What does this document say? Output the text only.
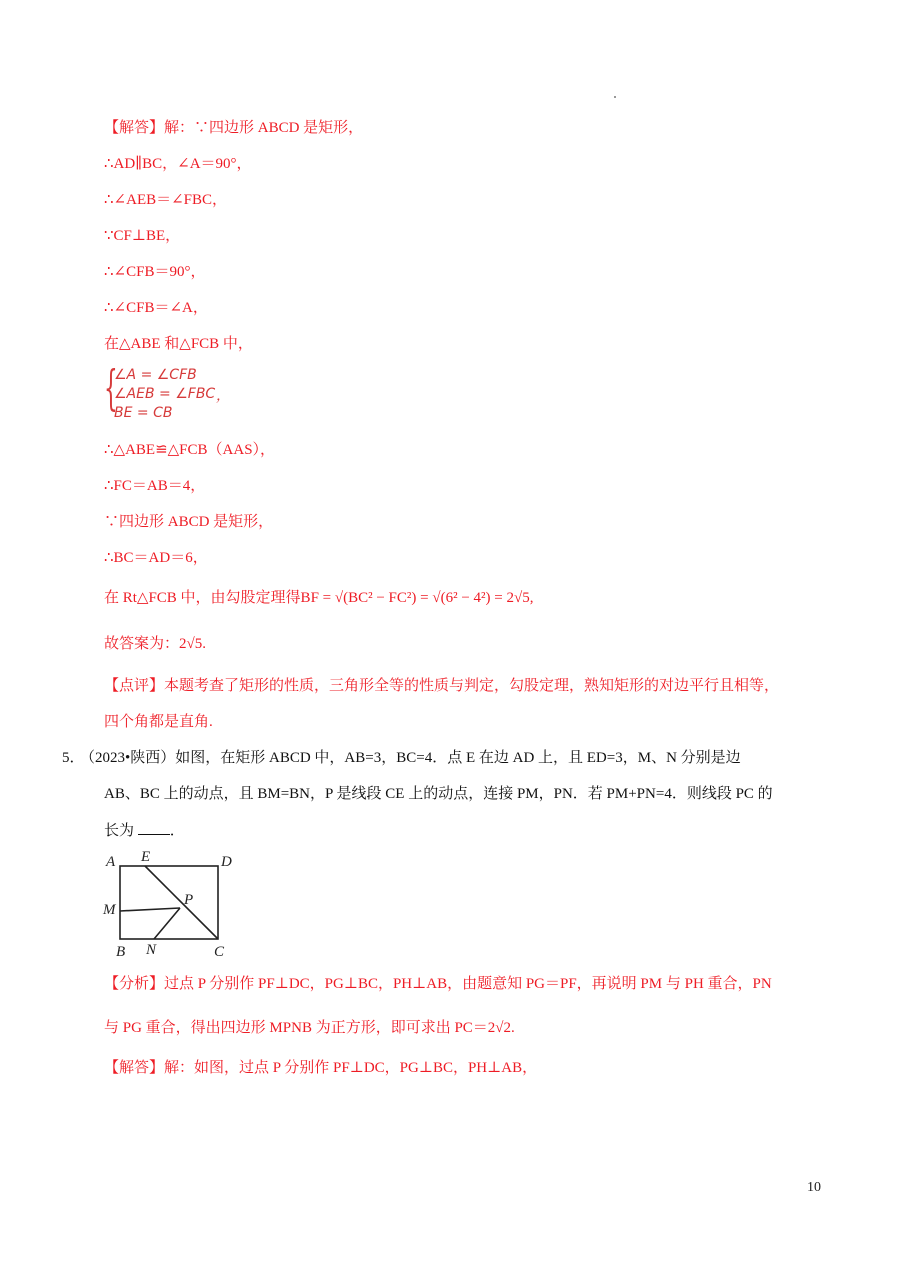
【解答】解：∵四边形 ABCD 是矩形，
∴AD∥BC，∠A＝90°，
∴∠AEB＝∠FBC，
∵CF⊥BE，
∴∠CFB＝90°，
∴∠CFB＝∠A，
在△ABE 和△FCB 中，
{
∠A = ∠CFB
∠AEB = ∠FBC
BE = CB
，
∴△ABE≌△FCB（AAS），
∴FC＝AB＝4，
∵四边形 ABCD 是矩形，
∴BC＝AD＝6，
在 Rt△FCB 中，由勾股定理得BF = √(BC² − FC²) = √(6² − 4²) = 2√5,
故答案为：2√5.
【点评】本题考查了矩形的性质，三角形全等的性质与判定，勾股定理，熟知矩形的对边平行且相等，
四个角都是直角.
5．
（2023•陕西）如图，在矩形 ABCD 中，AB=3，BC=4．点 E 在边 AD 上，且 ED=3，M、N 分别是边
AB、BC 上的动点，且 BM=BN，P 是线段 CE 上的动点，连接 PM，PN．若 PM+PN=4．则线段 PC 的
长为 ．
A E	D
P
M
B N	C
【分析】过点 P 分别作 PF⊥DC，PG⊥BC，PH⊥AB，由题意知 PG＝PF，再说明 PM 与 PH 重合，PN
与 PG 重合，得出四边形 MPNB 为正方形，即可求出 PC＝2√2.
【解答】解：如图，过点 P 分别作 PF⊥DC，PG⊥BC，PH⊥AB，
10
